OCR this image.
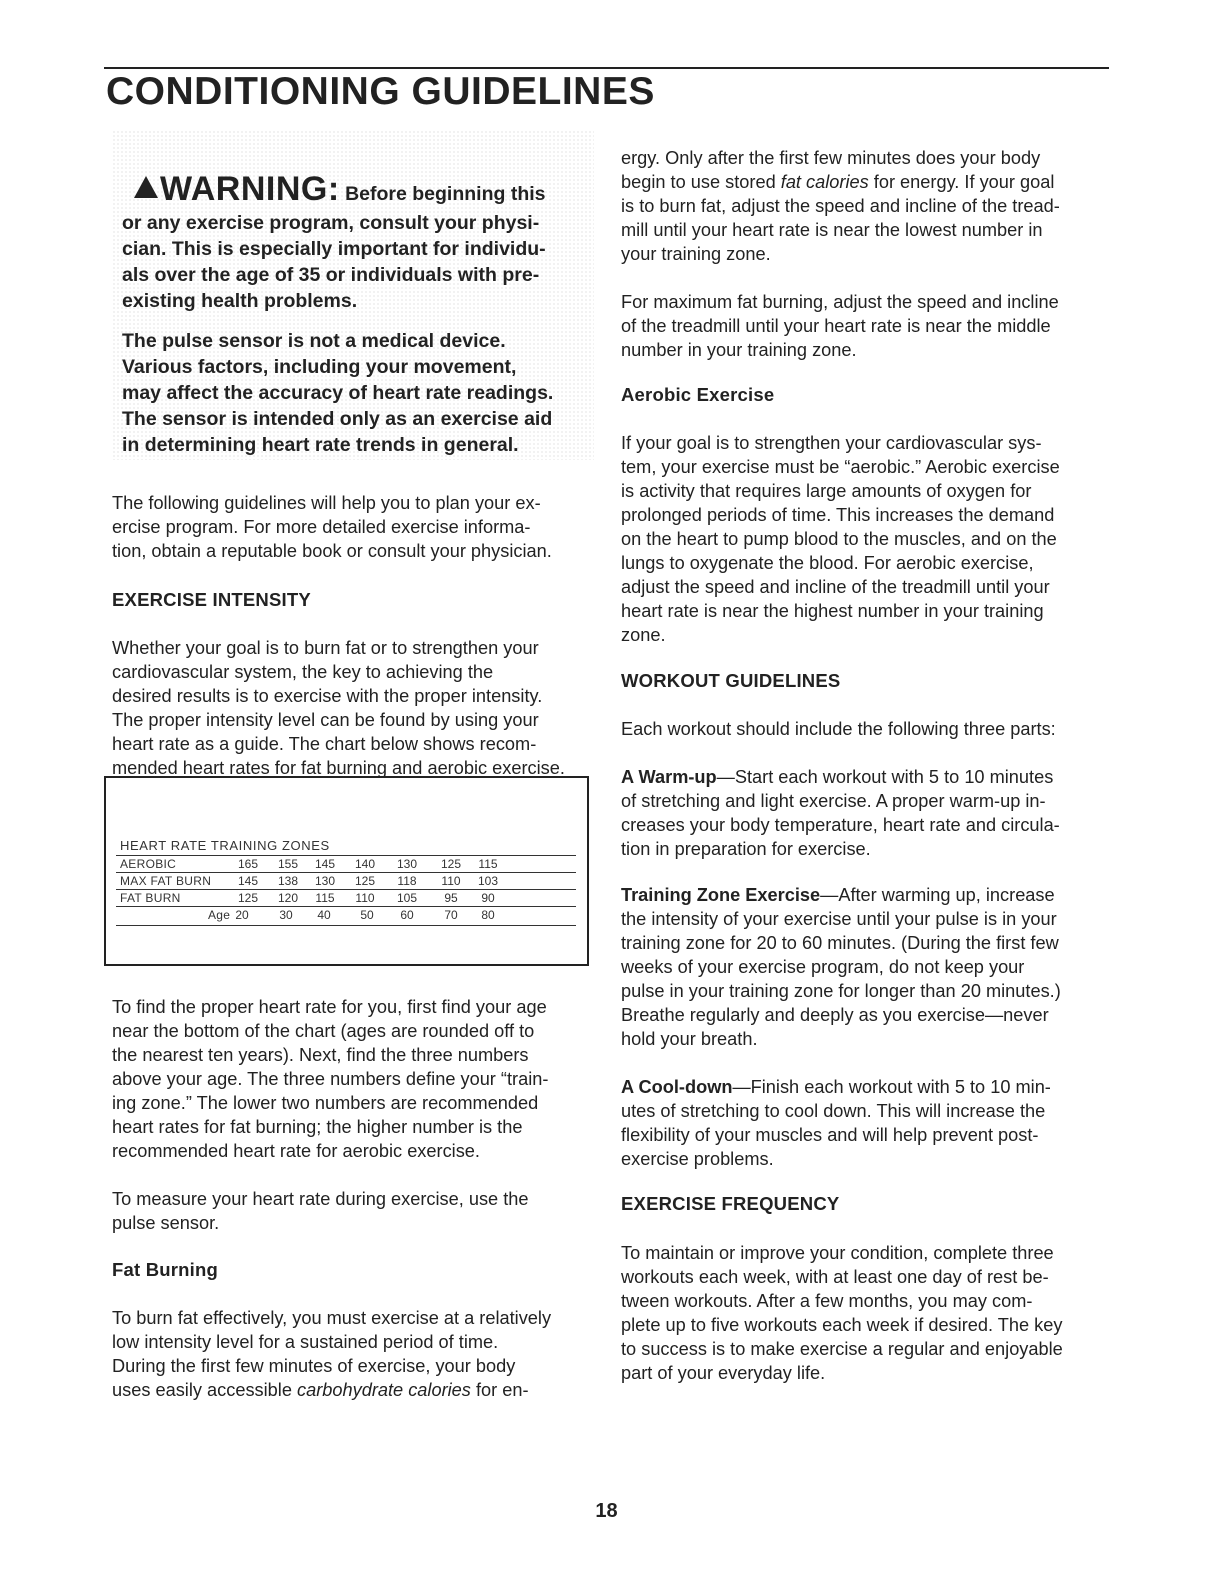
CONDITIONING GUIDELINES
WARNING: Before beginning this
or any exercise program, consult your physi-
cian. This is especially important for individu-
als over the age of 35 or individuals with pre-
existing health problems.
The pulse sensor is not a medical device.
Various factors, including your movement,
may affect the accuracy of heart rate readings.
The sensor is intended only as an exercise aid
in determining heart rate trends in general.

The following guidelines will help you to plan your ex-

ercise program. For more detailed exercise informa-

tion, obtain a reputable book or consult your physician.

EXERCISE INTENSITY

Whether your goal is to burn fat or to strengthen your

cardiovascular system, the key to achieving the

desired results is to exercise with the proper intensity.

The proper intensity level can be found by using your

heart rate as a guide. The chart below shows recom-

mended heart rates for fat burning and aerobic exercise.

HEART RATE TRAINING ZONES
AEROBIC	165	155	145	140	130	125	115
MAX FAT BURN	145	138	130	125	118	110	103
FAT BURN	125	120	115	110	105	95	90
Age 20	30	40	50	60	70	80

To find the proper heart rate for you, first find your age

near the bottom of the chart (ages are rounded off to

the nearest ten years). Next, find the three numbers

above your age. The three numbers define your “train-

ing zone.” The lower two numbers are recommended

heart rates for fat burning; the higher number is the

recommended heart rate for aerobic exercise.

To measure your heart rate during exercise, use the

pulse sensor.

Fat Burning

To burn fat effectively, you must exercise at a relatively

low intensity level for a sustained period of time.

During the first few minutes of exercise, your body

uses easily accessible carbohydrate calories for en-

ergy. Only after the first few minutes does your body

begin to use stored fat calories for energy. If your goal

is to burn fat, adjust the speed and incline of the tread-

mill until your heart rate is near the lowest number in

your training zone.

For maximum fat burning, adjust the speed and incline

of the treadmill until your heart rate is near the middle

number in your training zone.

Aerobic Exercise

If your goal is to strengthen your cardiovascular sys-

tem, your exercise must be “aerobic.” Aerobic exercise

is activity that requires large amounts of oxygen for

prolonged periods of time. This increases the demand

on the heart to pump blood to the muscles, and on the

lungs to oxygenate the blood. For aerobic exercise,

adjust the speed and incline of the treadmill until your

heart rate is near the highest number in your training

zone.

WORKOUT GUIDELINES

Each workout should include the following three parts:

A Warm-up—Start each workout with 5 to 10 minutes

of stretching and light exercise. A proper warm-up in-

creases your body temperature, heart rate and circula-

tion in preparation for exercise.

Training Zone Exercise—After warming up, increase

the intensity of your exercise until your pulse is in your

training zone for 20 to 60 minutes. (During the first few

weeks of your exercise program, do not keep your

pulse in your training zone for longer than 20 minutes.)

Breathe regularly and deeply as you exercise—never

hold your breath.

A Cool-down—Finish each workout with 5 to 10 min-

utes of stretching to cool down. This will increase the

flexibility of your muscles and will help prevent post-

exercise problems.

EXERCISE FREQUENCY

To maintain or improve your condition, complete three

workouts each week, with at least one day of rest be-

tween workouts. After a few months, you may com-

plete up to five workouts each week if desired. The key

to success is to make exercise a regular and enjoyable

part of your everyday life.

18
